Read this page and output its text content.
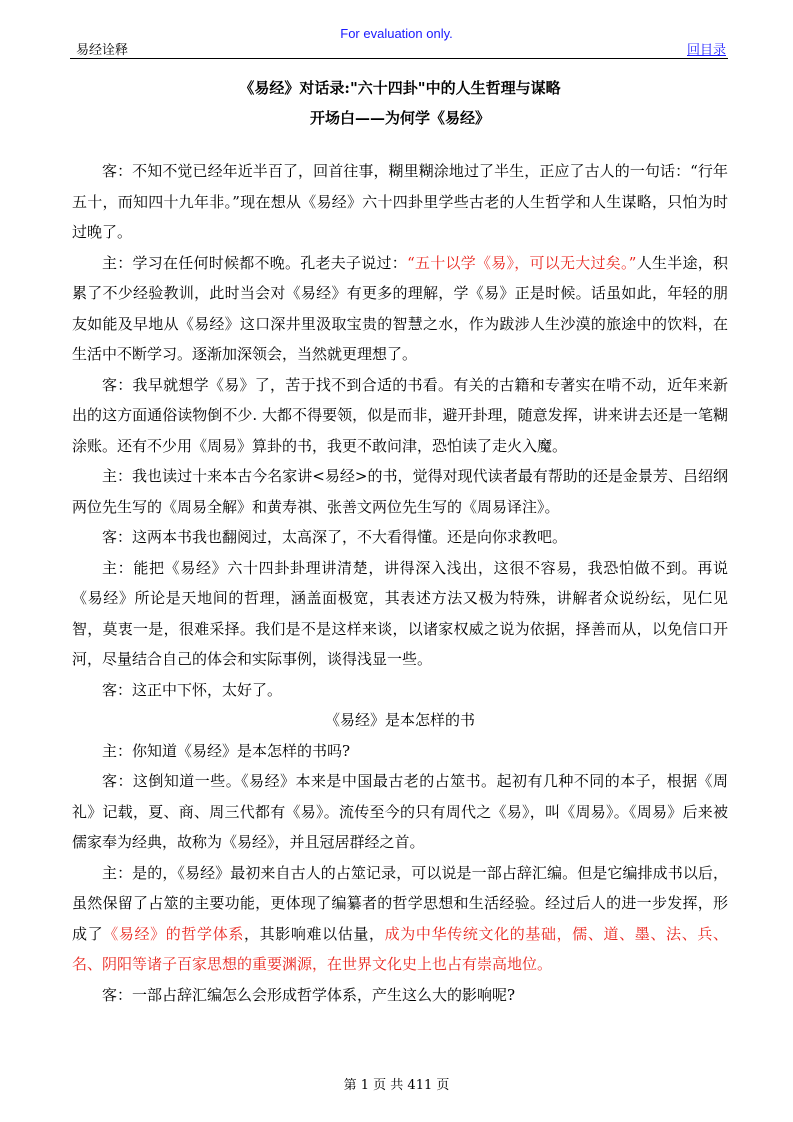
For evaluation only.
易经诠释	回目录
《易经》对话录:"六十四卦"中的人生哲理与谋略
开场白——为何学《易经》

客：不知不觉已经年近半百了，回首往事，糊里糊涂地过了半生，正应了古人的一句话：“行年五十，而知四十九年非。”现在想从《易经》六十四卦里学些古老的人生哲学和人生谋略，只怕为时过晚了。

主：学习在任何时候都不晚。孔老夫子说过：“五十以学《易》，可以无大过矣。”人生半途，积累了不少经验教训，此时当会对《易经》有更多的理解，学《易》正是时候。话虽如此，年轻的朋友如能及早地从《易经》这口深井里汲取宝贵的智慧之水，作为跋涉人生沙漠的旅途中的饮料，在生活中不断学习。逐渐加深领会，当然就更理想了。

客：我早就想学《易》了，苦于找不到合适的书看。有关的古籍和专著实在啃不动，近年来新出的这方面通俗读物倒不少. 大都不得要领，似是而非，避开卦理，随意发挥，讲来讲去还是一笔糊涂账。还有不少用《周易》算卦的书，我更不敢问津，恐怕读了走火入魔。

主：我也读过十来本古今名家讲<易经>的书，觉得对现代读者最有帮助的还是金景芳、吕绍纲两位先生写的《周易全解》和黄寿祺、张善文两位先生写的《周易译注》。

客：这两本书我也翻阅过，太高深了，不大看得懂。还是向你求教吧。

主：能把《易经》六十四卦卦理讲清楚，讲得深入浅出，这很不容易，我恐怕做不到。再说《易经》所论是天地间的哲理，涵盖面极宽，其表述方法又极为特殊，讲解者众说纷纭，见仁见智，莫衷一是，很难采择。我们是不是这样来谈，以诸家权威之说为依据，择善而从，以免信口开河，尽量结合自己的体会和实际事例，谈得浅显一些。

客：这正中下怀，太好了。

《易经》是本怎样的书

主：你知道《易经》是本怎样的书吗?

客：这倒知道一些。《易经》本来是中国最古老的占筮书。起初有几种不同的本子，根据《周礼》记载，夏、商、周三代都有《易》。流传至今的只有周代之《易》，叫《周易》。《周易》后来被儒家奉为经典，故称为《易经》，并且冠居群经之首。

主：是的，《易经》最初来自古人的占筮记录，可以说是一部占辞汇编。但是它编排成书以后，虽然保留了占筮的主要功能，更体现了编纂者的哲学思想和生活经验。经过后人的进一步发挥，形成了《易经》的哲学体系，其影响难以估量，成为中华传统文化的基础，儒、道、墨、法、兵、名、阴阳等诸子百家思想的重要渊源，在世界文化史上也占有崇高地位。

客：一部占辞汇编怎么会形成哲学体系，产生这么大的影响呢?

第 1 页 共 411 页
